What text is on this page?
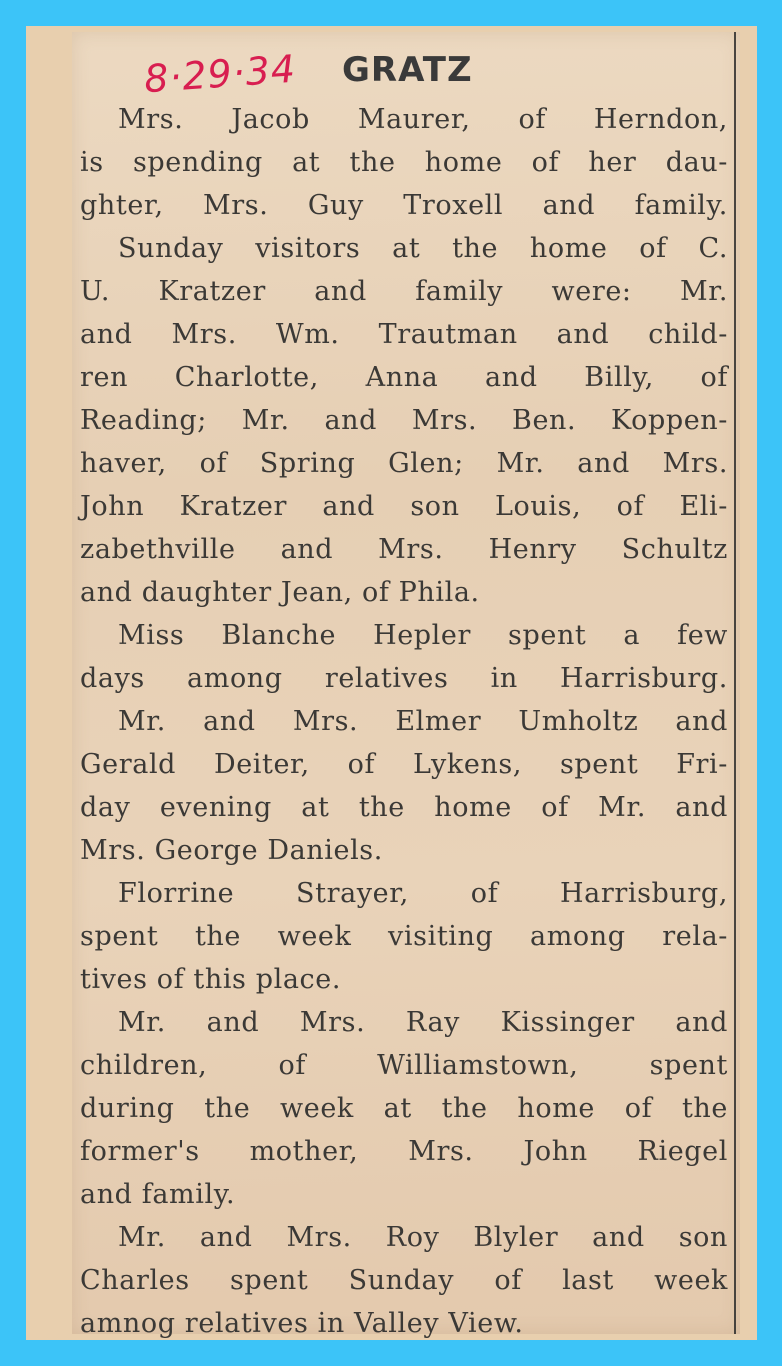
8·29·34 GRATZ

Mrs. Jacob Maurer, of Herndon,
is spending at the home of her dau-
ghter, Mrs. Guy Troxell and family.

Sunday visitors at the home of C.
U. Kratzer and family were: Mr.
and Mrs. Wm. Trautman and child-
ren Charlotte, Anna and Billy, of
Reading; Mr. and Mrs. Ben. Koppen-
haver, of Spring Glen; Mr. and Mrs.
John Kratzer and son Louis, of Eli-
zabethville and Mrs. Henry Schultz
and daughter Jean, of Phila.

Miss Blanche Hepler spent a few
days among relatives in Harrisburg.

Mr. and Mrs. Elmer Umholtz and
Gerald Deiter, of Lykens, spent Fri-
day evening at the home of Mr. and
Mrs. George Daniels.

Florrine Strayer, of Harrisburg,
spent the week visiting among rela-
tives of this place.

Mr. and Mrs. Ray Kissinger and
children, of Williamstown, spent
during the week at the home of the
former's mother, Mrs. John Riegel
and family.

Mr. and Mrs. Roy Blyler and son
Charles spent Sunday of last week
amnog relatives in Valley View.
